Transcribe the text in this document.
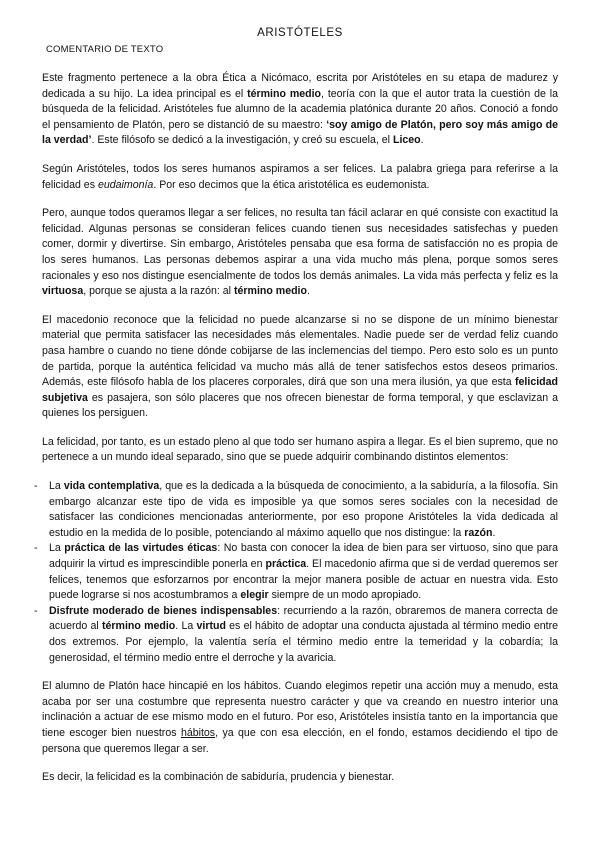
ARISTÓTELES
COMENTARIO DE TEXTO

Este fragmento pertenece a la obra Ética a Nicómaco, escrita por Aristóteles en su etapa de madurez y dedicada a su hijo. La idea principal es el término medio, teoría con la que el autor trata la cuestión de la búsqueda de la felicidad. Aristóteles fue alumno de la academia platónica durante 20 años. Conoció a fondo el pensamiento de Platón, pero se distanció de su maestro: ‘soy amigo de Platón, pero soy más amigo de la verdad’. Este filósofo se dedicó a la investigación, y creó su escuela, el Liceo.

Según Aristóteles, todos los seres humanos aspiramos a ser felices. La palabra griega para referirse a la felicidad es eudaimonía. Por eso decimos que la ética aristotélica es eudemonista.

Pero, aunque todos queramos llegar a ser felices, no resulta tan fácil aclarar en qué consiste con exactitud la felicidad. Algunas personas se consideran felices cuando tienen sus necesidades satisfechas y pueden comer, dormir y divertirse. Sin embargo, Aristóteles pensaba que esa forma de satisfacción no es propia de los seres humanos. Las personas debemos aspirar a una vida mucho más plena, porque somos seres racionales y eso nos distingue esencialmente de todos los demás animales. La vida más perfecta y feliz es la virtuosa, porque se ajusta a la razón: al término medio.

El macedonio reconoce que la felicidad no puede alcanzarse si no se dispone de un mínimo bienestar material que permita satisfacer las necesidades más elementales. Nadie puede ser de verdad feliz cuando pasa hambre o cuando no tiene dónde cobijarse de las inclemencias del tiempo. Pero esto solo es un punto de partida, porque la auténtica felicidad va mucho más allá de tener satisfechos estos deseos primarios. Además, este filósofo habla de los placeres corporales, dirá que son una mera ilusión, ya que esta felicidad subjetiva es pasajera, son sólo placeres que nos ofrecen bienestar de forma temporal, y que esclavizan a quienes los persiguen.

La felicidad, por tanto, es un estado pleno al que todo ser humano aspira a llegar. Es el bien supremo, que no pertenece a un mundo ideal separado, sino que se puede adquirir combinando distintos elementos:

- La vida contemplativa, que es la dedicada a la búsqueda de conocimiento, a la sabiduría, a la filosofía. Sin embargo alcanzar este tipo de vida es imposible ya que somos seres sociales con la necesidad de satisfacer las condiciones mencionadas anteriormente, por eso propone Aristóteles la vida dedicada al estudio en la medida de lo posible, potenciando al máximo aquello que nos distingue: la razón.
- La práctica de las virtudes éticas: No basta con conocer la idea de bien para ser virtuoso, sino que para adquirir la virtud es imprescindible ponerla en práctica. El macedonio afirma que si de verdad queremos ser felices, tenemos que esforzarnos por encontrar la mejor manera posible de actuar en nuestra vida. Esto puede lograrse si nos acostumbramos a elegir siempre de un modo apropiado.
- Disfrute moderado de bienes indispensables: recurriendo a la razón, obraremos de manera correcta de acuerdo al término medio. La virtud es el hábito de adoptar una conducta ajustada al término medio entre dos extremos. Por ejemplo, la valentía sería el término medio entre la temeridad y la cobardía; la generosidad, el término medio entre el derroche y la avaricia.

El alumno de Platón hace hincapié en los hábitos. Cuando elegimos repetir una acción muy a menudo, esta acaba por ser una costumbre que representa nuestro carácter y que va creando en nuestro interior una inclinación a actuar de ese mismo modo en el futuro. Por eso, Aristóteles insistía tanto en la importancia que tiene escoger bien nuestros hábitos, ya que con esa elección, en el fondo, estamos decidiendo el tipo de persona que queremos llegar a ser.

Es decir, la felicidad es la combinación de sabiduría, prudencia y bienestar.
